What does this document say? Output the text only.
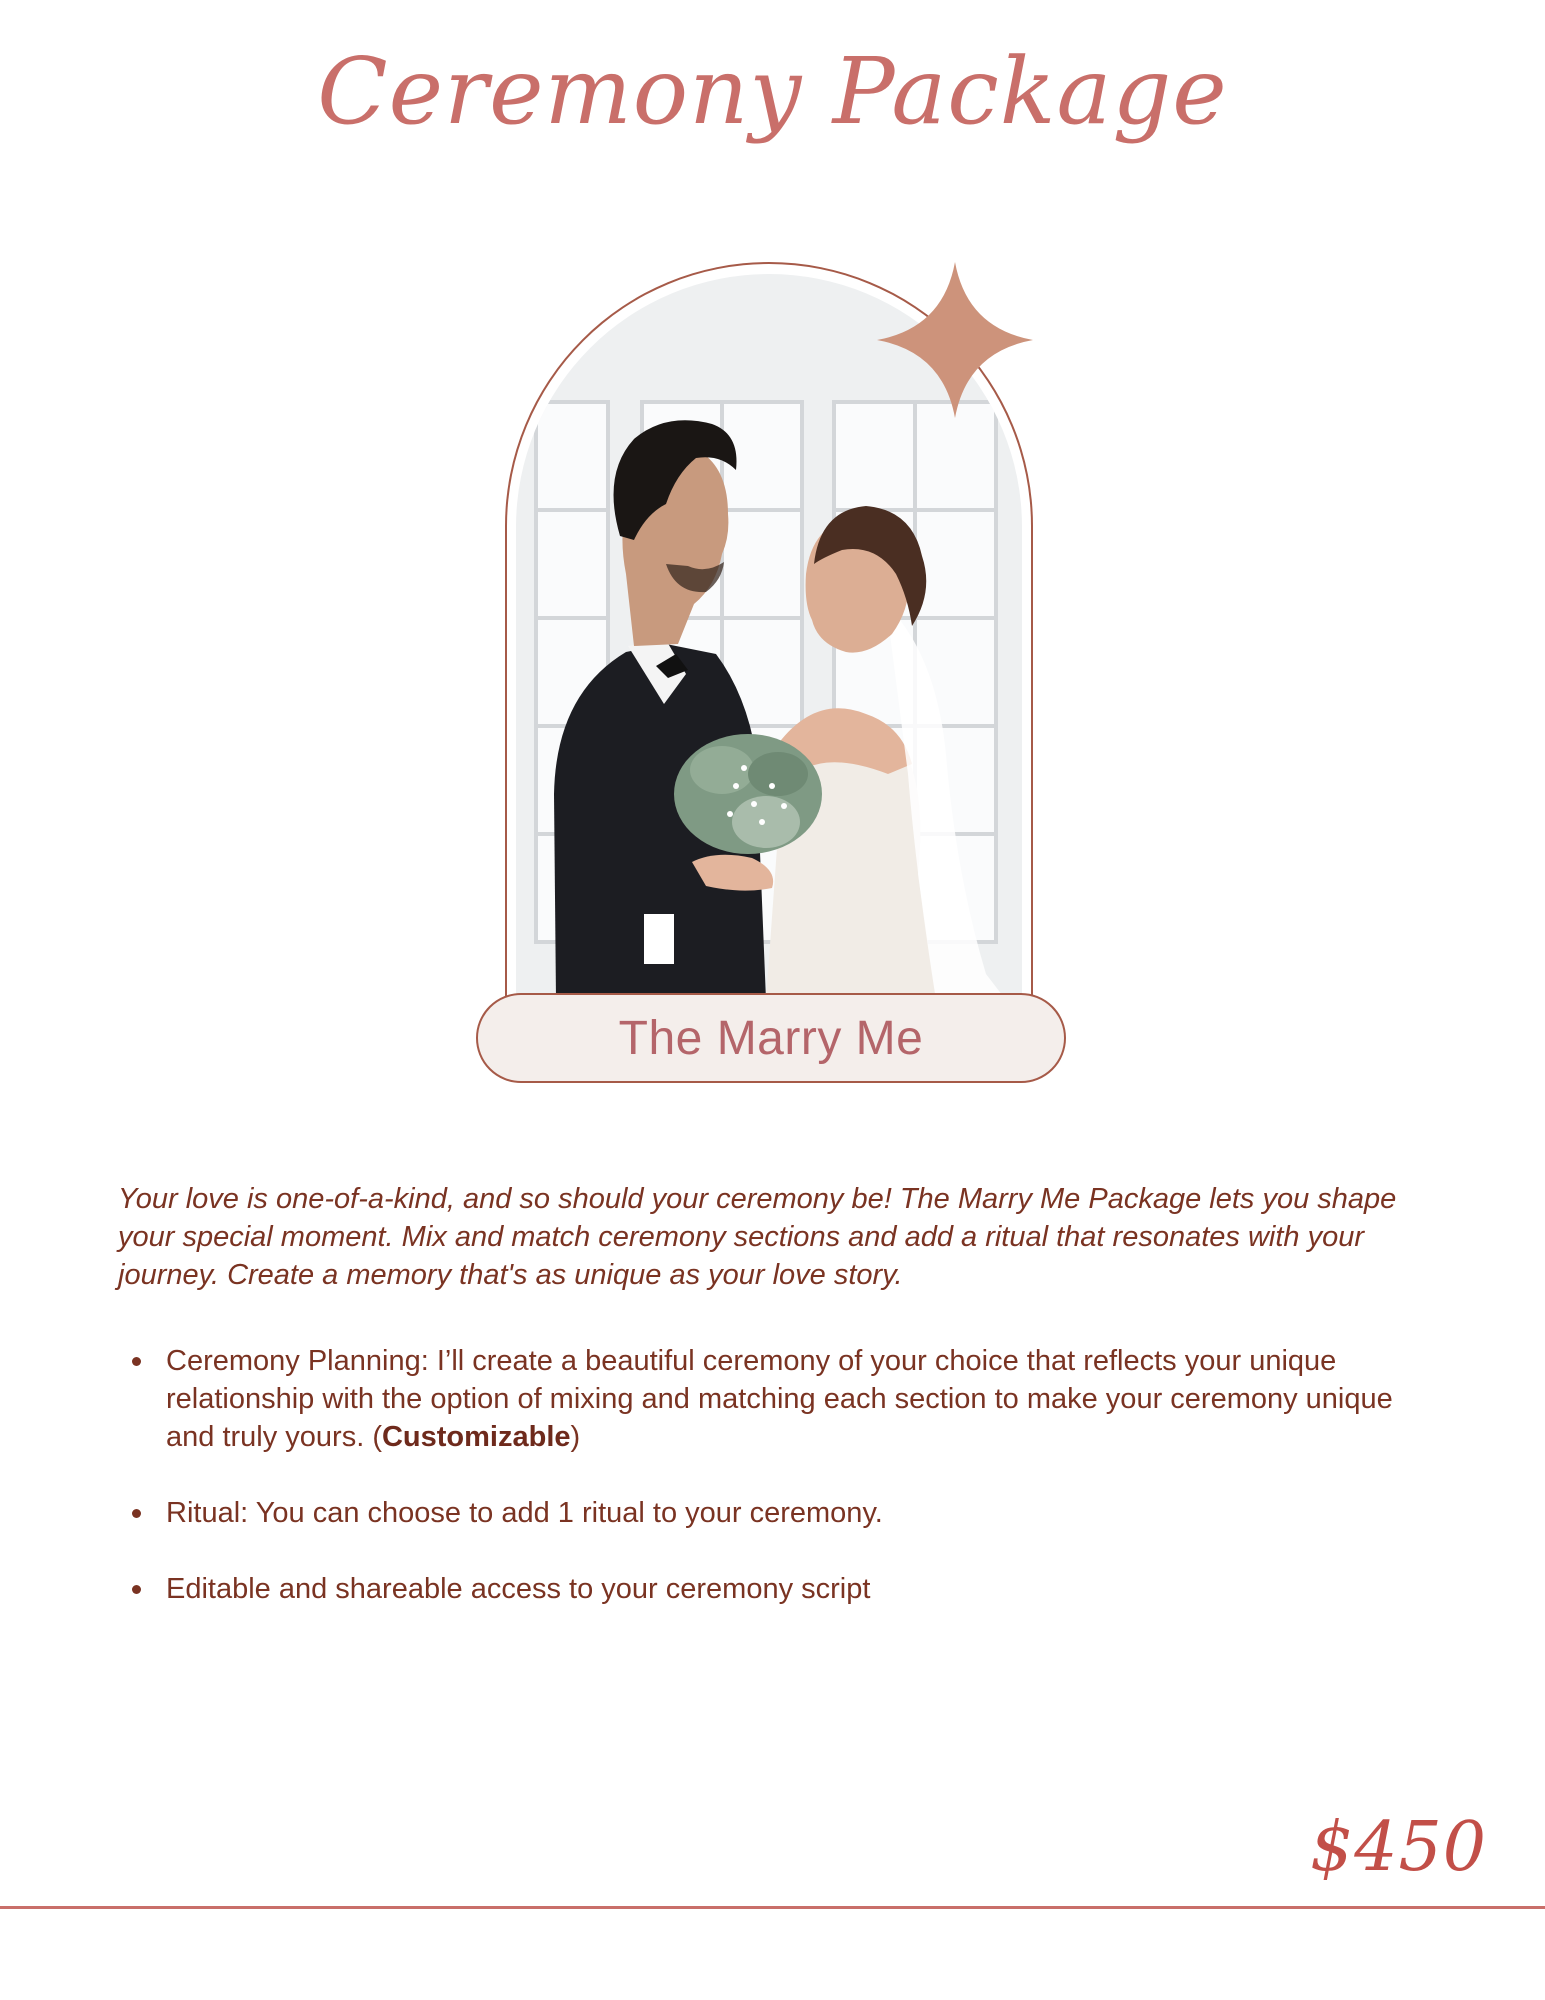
Ceremony Package
The Marry Me

Your love is one-of-a-kind, and so should your ceremony be! The Marry Me Package lets you shape your special moment. Mix and match ceremony sections and add a ritual that resonates with your journey. Create a memory that's as unique as your love story.

Ceremony Planning: I’ll create a beautiful ceremony of your choice that reflects your unique relationship with the option of mixing and matching each section to make your ceremony unique and truly yours. (Customizable)
Ritual: You can choose to add 1 ritual to your ceremony.
Editable and shareable access to your ceremony script
$450
